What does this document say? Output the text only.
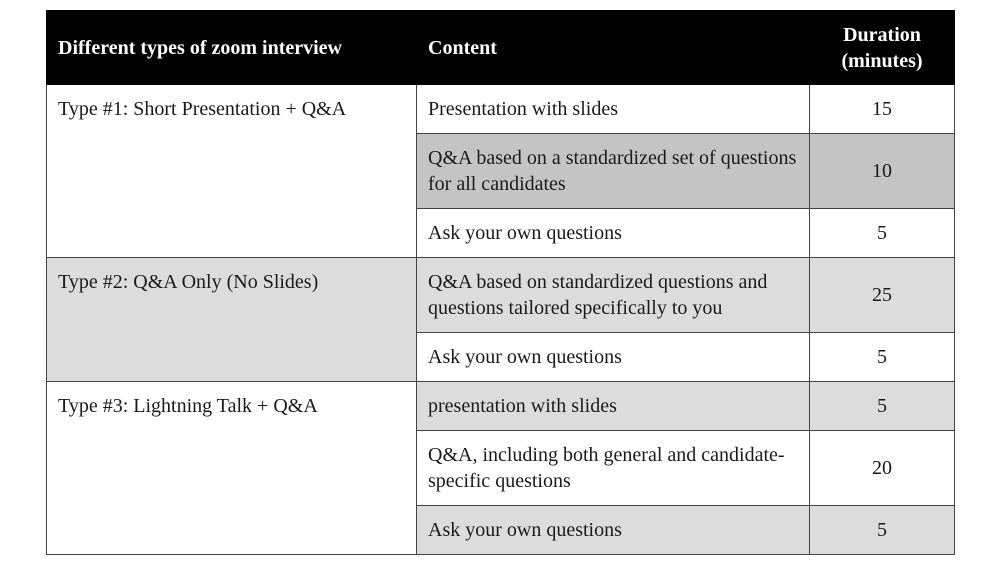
Different types of zoom interview	Content	Duration
(minutes)

Type #1: Short Presentation + Q&A	Presentation with slides	15
	Q&A based on a standardized set of questions for all candidates	10
	Ask your own questions	5
Type #2: Q&A Only (No Slides)	Q&A based on standardized questions and questions tailored specifically to you	25
	Ask your own questions	5
Type #3: Lightning Talk + Q&A	presentation with slides	5
	Q&A, including both general and candidate-specific questions	20
	Ask your own questions	5
